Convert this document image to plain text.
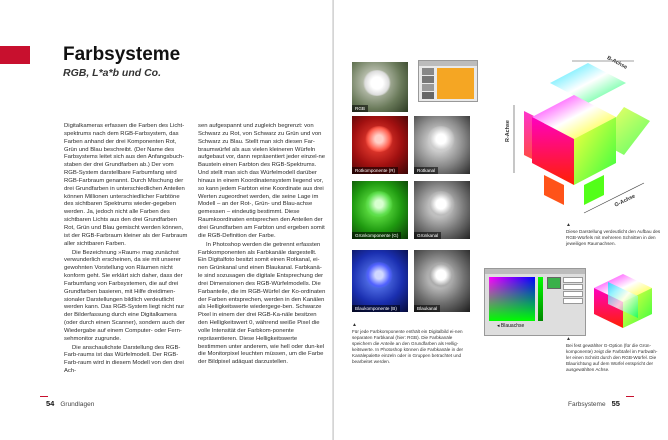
Farbsysteme
RGB, L*a*b und Co.

Digitalkameras erfassen die Farben des Licht-spektrums nach dem RGB-Farbsystem, das Farben anhand der drei Komponenten Rot, Grün und Blau beschreibt. (Der Name des Farbsystems leitet sich aus den Anfangsbuch-staben der drei Grundfarben ab.) Der vom RGB-System darstellbare Farbumfang wird RGB-Farbraum genannt. Durch Mischung der drei Grundfarben in unterschiedlichen Anteilen können Millionen unterschiedlicher Farbtöne des sichtbaren Spektrums wieder-gegeben werden. Ja, jedoch nicht alle Farben des sichtbaren Lichts aus den drei Grundfarben Rot, Grün und Blau gemischt werden können, ist der RGB-Farbraum kleiner als der Farbraum aller sichtbaren Farben.

Die Bezeichnung »Raum« mag zunächst verwunderlich erscheinen, da sie mit unserer gewohnten Vorstellung von Räumen nicht konform geht. Sie erklärt sich daher, dass der Farbumfang von Farbsystemen, die auf drei Grundfarben basieren, mit Hilfe dreidimen-sionaler Darstellungen bildlich verdeutlicht werden kann. Das RGB-System liegt nicht nur der Bilderfassung durch eine Digitalkamera (oder durch einen Scanner), sondern auch der Wiedergabe auf einem Computer- oder Fern-sehmonitor zugrunde.

Die anschaulichste Darstellung des RGB-Farb-raums ist das Würfelmodell. Der RGB-Farb-raum wird in diesem Modell von den drei Ach-

sen aufgespannt und zugleich begrenzt: von Schwarz zu Rot, von Schwarz zu Grün und von Schwarz zu Blau. Stellt man sich diesen Far-braumwürfel als aus vielen kleineren Würfeln aufgebaut vor, dann repräsentiert jeder einzel-ne Baustein einen Farbton des RGB-Spektrums. Und stellt man sich das Würfelmodell darüber hinaus in einem Koordinatensystem liegend vor, so kann jedem Farbton eine Koordinate aus drei Werten zugeordnet werden, die seine Lage im Modell – an der Rot-, Grün- und Blau-achse gemessen – eindeutig bestimmt. Diese Raumkoordinaten entsprechen den Anteilen der drei Grundfarben am Farbton und ergeben somit die RGB-Definition der Farbe.

In Photoshop werden die getrennt erfassten Farbkomponenten als Farbkanäle dargestellt. Ein Digitalfoto besitzt somit einen Rotkanal, ei-nen Grünkanal und einen Blaukanal. Farbkanä-le sind sozusagen die digitale Entsprechung der drei Dimensionen des RGB-Würfelmodells. Die Farbanteile, die im RGB-Würfel der Ko-ordinaten der Farben entsprechen, werden in den Kanälen als Helligkeitswerte wiedergege-ben. Schwarze Pixel in einem der drei RGB-Ka-näle besitzen den Helligkeitswert 0, während weiße Pixel die volle Intensität der Farbkom-ponente repräsentieren. Diese Helligkeitswerte bestimmen unter anderem, wie hell oder dun-kel die Monitorpixel leuchten müssen, um die Farbe der Bildpixel adäquat darzustellen.

54 Grundlagen
RGB
Rotkomponente (R)	Rotkanal
Grünkomponente (G)	Grünkanal
Blaukomponente (B)	Blaukanal
▲
Für jede Farbkomponente enthält ein Digitalbild ei-nen separaten Farbkanal (hier: RGB). Die Farbkanäle speichern die Anteile an den Grundfarben als Hellig-keitswerte. In Photoshop können die Farbkanäle in der Kanälepalette einzeln oder in Gruppen betrachtet und bearbeitet werden.
B-Achse
R-Achse
G-Achse
▲
Diese Darstellung verdeutlicht den Aufbau des RGB-Würfels mit mehreren Schnitten in den jeweiligen Raumachsen.
◂ Blauachse
▲
Bei fest gewählter G-Option (für die Grün-komponente) zeigt die Farbtafel im Farbwäh-ler einen Schnitt durch den RGB-Würfel. Die Blaurichtung auf dem Würfel entspricht der ausgewählten Achse.
Farbsysteme 55
